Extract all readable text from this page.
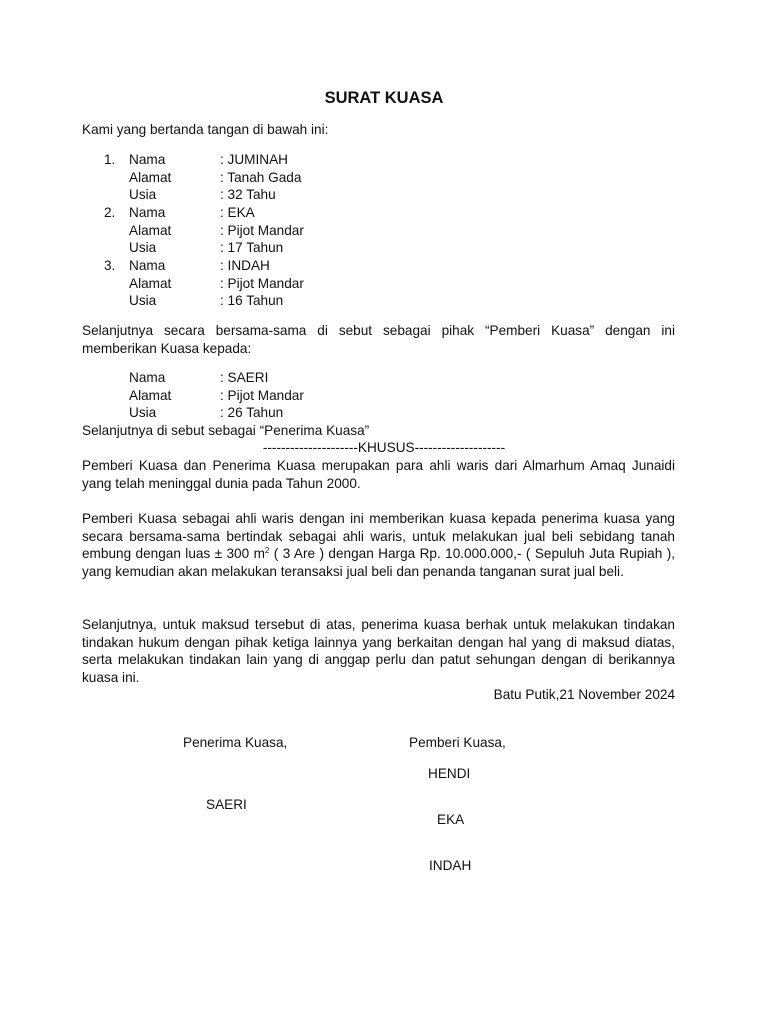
SURAT KUASA
Kami yang bertanda tangan di bawah ini:
1. Nama	: JUMINAH
Alamat	: Tanah Gada
Usia	: 32 Tahu
2. Nama	: EKA
Alamat	: Pijot Mandar
Usia	: 17 Tahun
3. Nama	: INDAH
Alamat	: Pijot Mandar
Usia	: 16 Tahun

Selanjutnya secara bersama-sama di sebut sebagai pihak “Pemberi Kuasa” dengan ini memberikan Kuasa kepada:

Nama	: SAERI
Alamat	: Pijot Mandar
Usia	: 26 Tahun
Selanjutnya di sebut sebagai “Penerima Kuasa”
---------------------KHUSUS--------------------

Pemberi Kuasa dan Penerima Kuasa merupakan para ahli waris dari Almarhum Amaq Junaidi yang telah meninggal dunia pada Tahun 2000.

Pemberi Kuasa sebagai ahli waris dengan ini memberikan kuasa kepada penerima kuasa yang secara bersama-sama bertindak sebagai ahli waris, untuk melakukan jual beli sebidang tanah embung dengan luas ± 300 $m^2$ ( 3 Are ) dengan Harga Rp. 10.000.000,- ( Sepuluh Juta Rupiah ), yang kemudian akan melakukan teransaksi jual beli dan penanda tanganan surat jual beli.

Selanjutnya, untuk maksud tersebut di atas, penerima kuasa berhak untuk melakukan tindakan tindakan hukum dengan pihak ketiga lainnya yang berkaitan dengan hal yang di maksud diatas, serta melakukan tindakan lain yang di anggap perlu dan patut sehungan dengan di berikannya kuasa ini.

Batu Putik,21 November 2024
Penerima Kuasa,	Pemberi Kuasa,
HENDI
SAERI
EKA
INDAH
